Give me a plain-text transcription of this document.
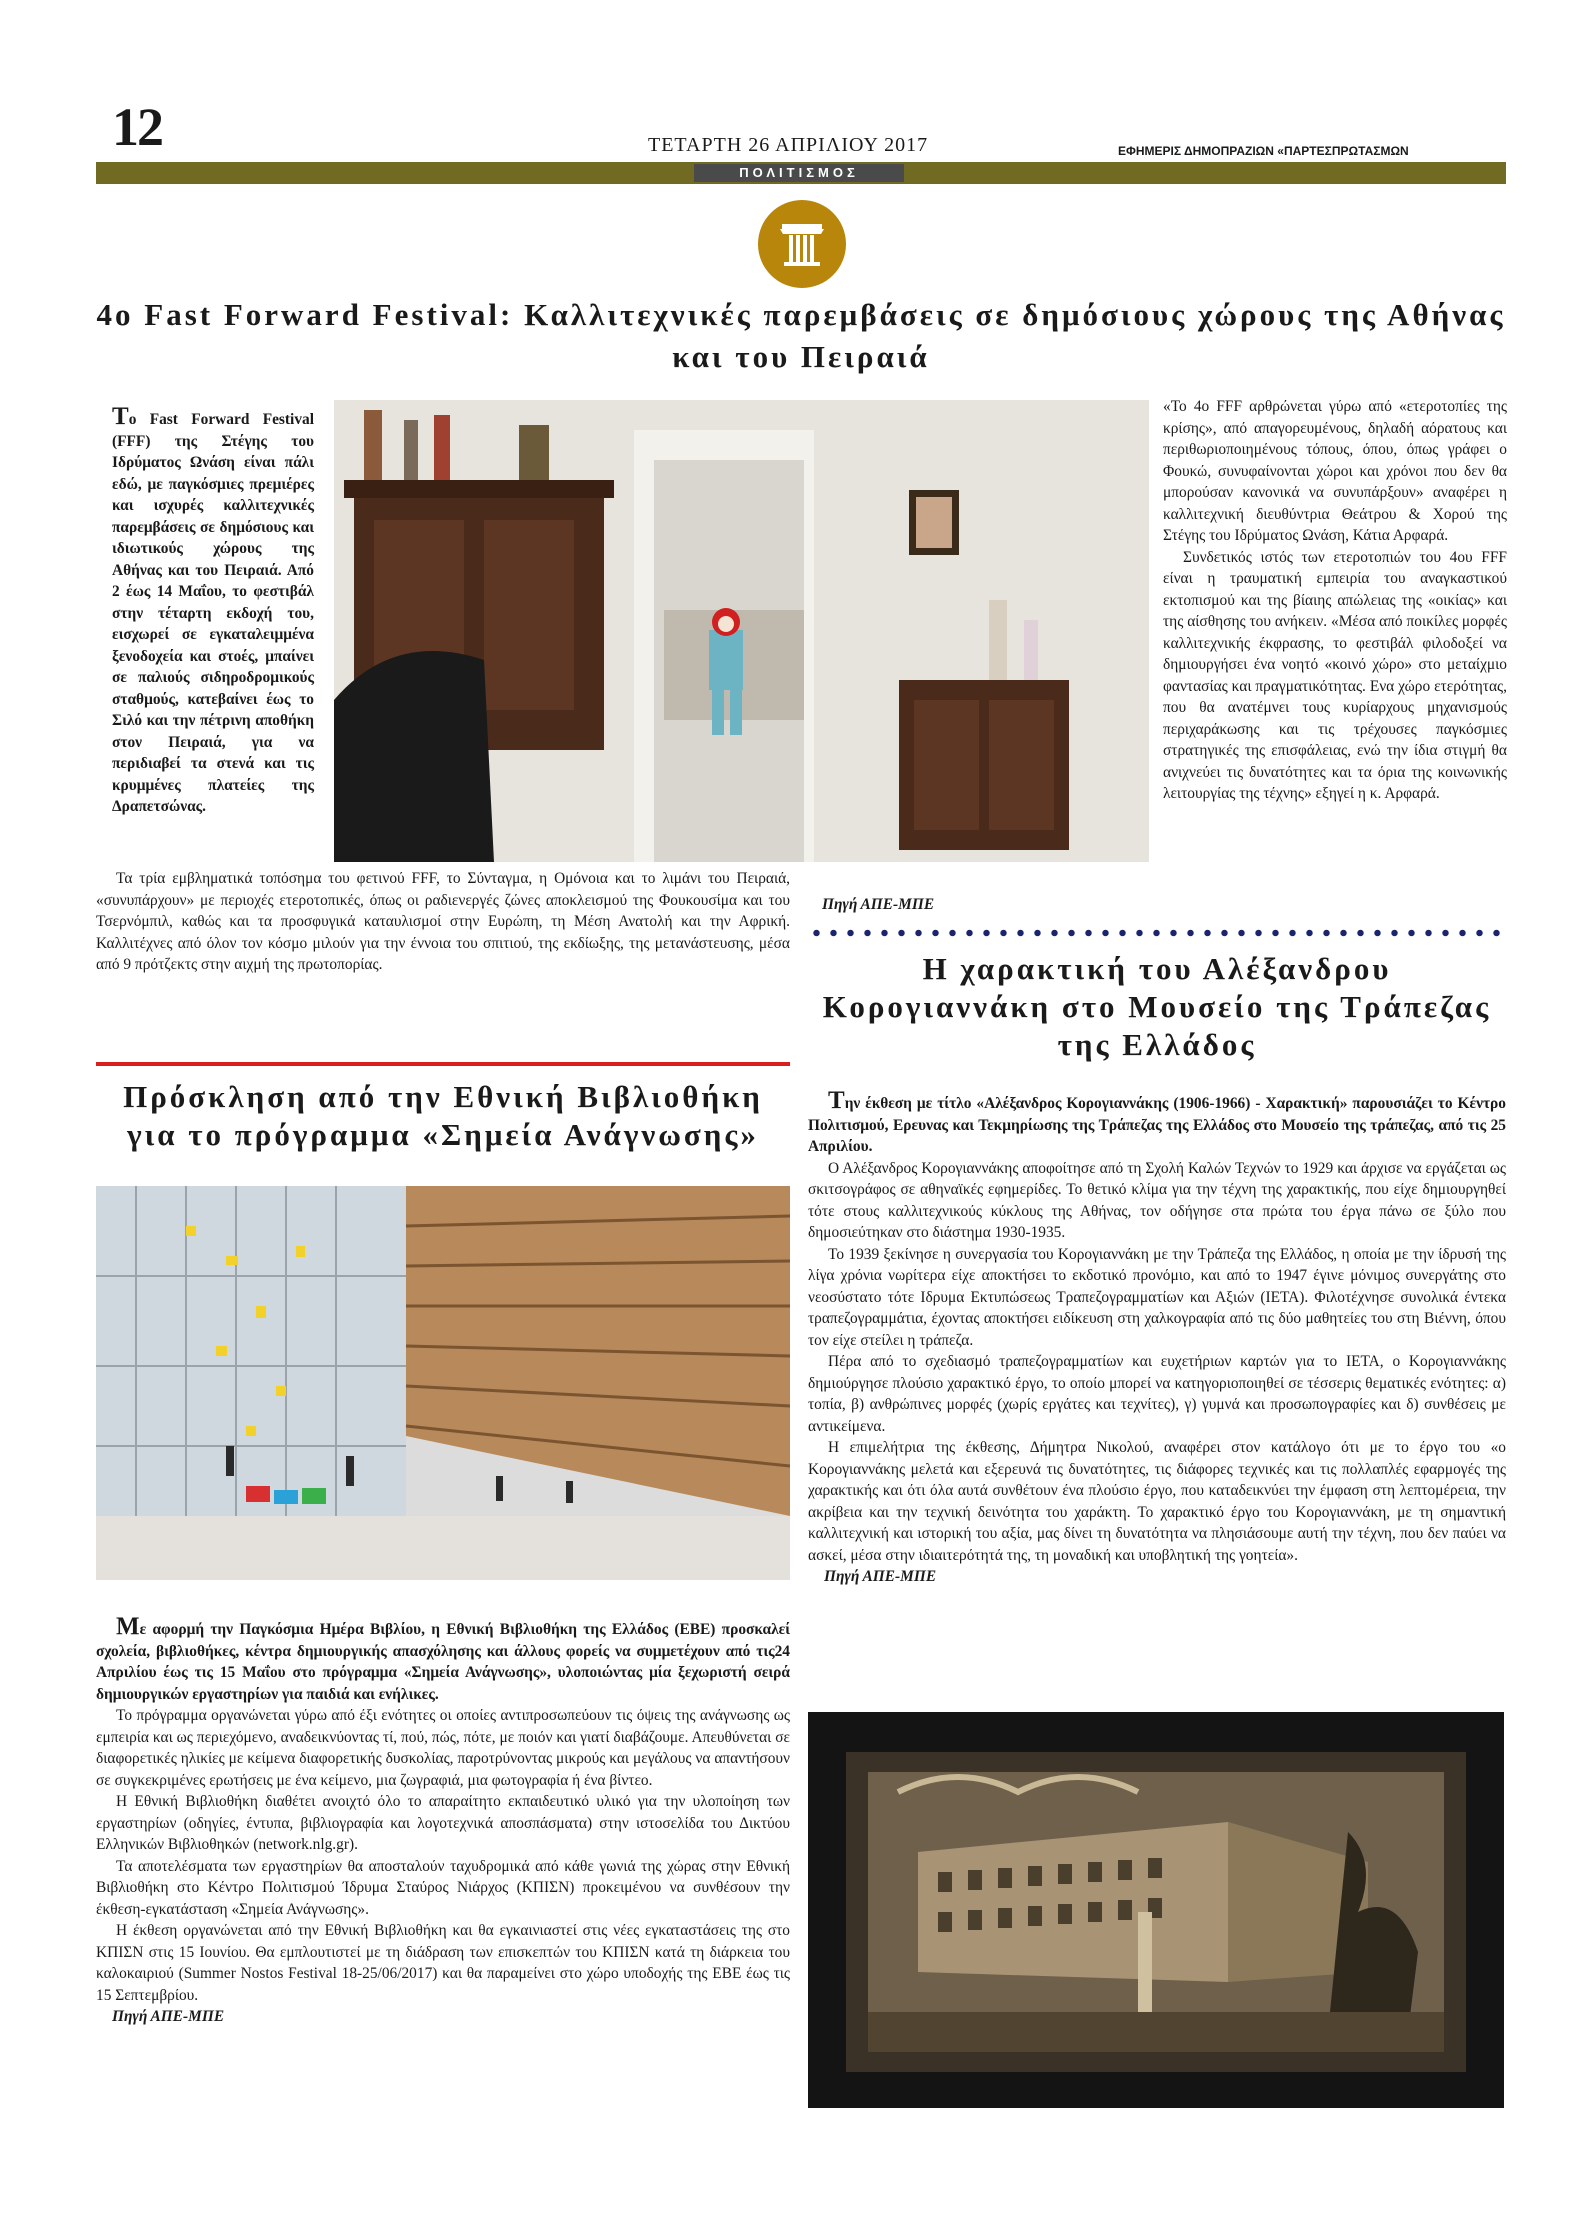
12	ΤΕΤΑΡΤΗ 26 ΑΠΡΙΛΙΟΥ 2017	ΕΦΗΜΕΡΙΣ ΔΗΜΟΠΡΑΖΙΩΝ «ΠΑΡΤΕΣΠΡΩΤΑΣΜΩΝ
ΠΟΛΙΤΙΣΜΟΣ
4ο Fast Forward Festival: Καλλιτεχνικές παρεμβάσεις σε δημόσιους χώρους της Αθήνας και του Πειραιά
Το Fast Forward Festival (FFF) της Στέγης του Ιδρύματος Ωνάση είναι πάλι εδώ, με παγκόσμιες πρεμιέρες και ισχυρές καλλιτεχνικές παρεμβάσεις σε δημόσιους και ιδιωτικούς χώρους της Αθήνας και του Πειραιά. Από 2 έως 14 Μαΐου, το φεστιβάλ στην τέταρτη εκδοχή του, εισχωρεί σε εγκαταλειμμένα ξενοδοχεία και στοές, μπαίνει σε παλιούς σιδηροδρομικούς σταθμούς, κατεβαίνει έως το Σιλό και την πέτρινη αποθήκη στον Πειραιά, για να περιδιαβεί τα στενά και τις κρυμμένες πλατείες της Δραπετσώνας.

«Το 4ο FFF αρθρώνεται γύρω από «ετεροτοπίες της κρίσης», από απαγορευμένους, δηλαδή αόρατους και περιθωριοποιημένους τόπους, όπου, όπως γράφει ο Φουκώ, συνυφαίνονται χώροι και χρόνοι που δεν θα μπορούσαν κανονικά να συνυπάρξουν» αναφέρει η καλλιτεχνική διευθύντρια Θεάτρου & Χορού της Στέγης του Ιδρύματος Ωνάση, Κάτια Αρφαρά.

Συνδετικός ιστός των ετεροτοπιών του 4ου FFF είναι η τραυματική εμπειρία του αναγκαστικού εκτοπισμού και της βίαιης απώλειας της «οικίας» και της αίσθησης του ανήκειν. «Μέσα από ποικίλες μορφές καλλιτεχνικής έκφρασης, το φεστιβάλ φιλοδοξεί να δημιουργήσει ένα νοητό «κοινό χώρο» στο μεταίχμιο φαντασίας και πραγματικότητας. Ενα χώρο ετερότητας, που θα ανατέμνει τους κυρίαρχους μηχανισμούς περιχαράκωσης και τις τρέχουσες παγκόσμιες στρατηγικές της επισφάλειας, ενώ την ίδια στιγμή θα ανιχνεύει τις δυνατότητες και τα όρια της κοινωνικής λειτουργίας της τέχνης» εξηγεί η κ. Αρφαρά.

Τα τρία εμβληματικά τοπόσημα του φετινού FFF, το Σύνταγμα, η Ομόνοια και το λιμάνι του Πειραιά, «συνυπάρχουν» με περιοχές ετεροτοπικές, όπως οι ραδιενεργές ζώνες αποκλεισμού της Φουκουσίμα και του Τσερνόμπιλ, καθώς και τα προσφυγικά καταυλισμοί στην Ευρώπη, τη Μέση Ανατολή και την Αφρική. Καλλιτέχνες από όλον τον κόσμο μιλούν για την έννοια του σπιτιού, της εκδίωξης, της μετανάστευσης, μέσα από 9 πρότζεκτς στην αιχμή της πρωτοπορίας.

Πηγή ΑΠΕ-ΜΠΕ
Πρόσκληση από την Εθνική Βιβλιοθήκη για το πρόγραμμα «Σημεία Ανάγνωσης»

Με αφορμή την Παγκόσμια Ημέρα Βιβλίου, η Εθνική Βιβλιοθήκη της Ελλάδος (ΕΒΕ) προσκαλεί σχολεία, βιβλιοθήκες, κέντρα δημιουργικής απασχόλησης και άλλους φορείς να συμμετέχουν από τις24 Απριλίου έως τις 15 Μαΐου στο πρόγραμμα «Σημεία Ανάγνωσης», υλοποιώντας μία ξεχωριστή σειρά δημιουργικών εργαστηρίων για παιδιά και ενήλικες.

Το πρόγραμμα οργανώνεται γύρω από έξι ενότητες οι οποίες αντιπροσωπεύουν τις όψεις της ανάγνωσης ως εμπειρία και ως περιεχόμενο, αναδεικνύοντας τί, πού, πώς, πότε, με ποιόν και γιατί διαβάζουμε. Απευθύνεται σε διαφορετικές ηλικίες με κείμενα διαφορετικής δυσκολίας, παροτρύνοντας μικρούς και μεγάλους να απαντήσουν σε συγκεκριμένες ερωτήσεις με ένα κείμενο, μια ζωγραφιά, μια φωτογραφία ή ένα βίντεο.

Η Εθνική Βιβλιοθήκη διαθέτει ανοιχτό όλο το απαραίτητο εκπαιδευτικό υλικό για την υλοποίηση των εργαστηρίων (οδηγίες, έντυπα, βιβλιογραφία και λογοτεχνικά αποσπάσματα) στην ιστοσελίδα του Δικτύου Ελληνικών Βιβλιοθηκών (network.nlg.gr).

Τα αποτελέσματα των εργαστηρίων θα αποσταλούν ταχυδρομικά από κάθε γωνιά της χώρας στην Εθνική Βιβλιοθήκη στο Κέντρο Πολιτισμού Ίδρυμα Σταύρος Νιάρχος (ΚΠΙΣΝ) προκειμένου να συνθέσουν την έκθεση-εγκατάσταση «Σημεία Ανάγνωσης».

Η έκθεση οργανώνεται από την Εθνική Βιβλιοθήκη και θα εγκαινιαστεί στις νέες εγκαταστάσεις της στο ΚΠΙΣΝ στις 15 Ιουνίου. Θα εμπλουτιστεί με τη διάδραση των επισκεπτών του ΚΠΙΣΝ κατά τη διάρκεια του καλοκαιριού (Summer Nostos Festival 18-25/06/2017) και θα παραμείνει στο χώρο υποδοχής της ΕΒΕ έως τις 15 Σεπτεμβρίου.

Πηγή ΑΠΕ-ΜΠΕ
Η χαρακτική του Αλέξανδρου Κορογιαννάκη στο Μουσείο της Τράπεζας της Ελλάδος

Την έκθεση με τίτλο «Αλέξανδρος Κορογιαννάκης (1906-1966) - Χαρακτική» παρουσιάζει το Κέντρο Πολιτισμού, Ερευνας και Τεκμηρίωσης της Τράπεζας της Ελλάδος στο Μουσείο της τράπεζας, από τις 25 Απριλίου.

Ο Αλέξανδρος Κορογιαννάκης αποφοίτησε από τη Σχολή Καλών Τεχνών το 1929 και άρχισε να εργάζεται ως σκιτσογράφος σε αθηναϊκές εφημερίδες. Το θετικό κλίμα για την τέχνη της χαρακτικής, που είχε δημιουργηθεί τότε στους καλλιτεχνικούς κύκλους της Αθήνας, τον οδήγησε στα πρώτα του έργα πάνω σε ξύλο που δημοσιεύτηκαν στο διάστημα 1930-1935.

Το 1939 ξεκίνησε η συνεργασία του Κορογιαννάκη με την Τράπεζα της Ελλάδος, η οποία με την ίδρυσή της λίγα χρόνια νωρίτερα είχε αποκτήσει το εκδοτικό προνόμιο, και από το 1947 έγινε μόνιμος συνεργάτης στο νεοσύστατο τότε Ιδρυμα Εκτυπώσεως Τραπεζογραμματίων και Αξιών (ΙΕΤΑ). Φιλοτέχνησε συνολικά έντεκα τραπεζογραμμάτια, έχοντας αποκτήσει ειδίκευση στη χαλκογραφία από τις δύο μαθητείες του στη Βιέννη, όπου τον είχε στείλει η τράπεζα.

Πέρα από το σχεδιασμό τραπεζογραμματίων και ευχετήριων καρτών για το ΙΕΤΑ, ο Κορογιαννάκης δημιούργησε πλούσιο χαρακτικό έργο, το οποίο μπορεί να κατηγοριοποιηθεί σε τέσσερις θεματικές ενότητες: α) τοπία, β) ανθρώπινες μορφές (χωρίς εργάτες και τεχνίτες), γ) γυμνά και προσωπογραφίες και δ) συνθέσεις με αντικείμενα.

Η επιμελήτρια της έκθεσης, Δήμητρα Νικολού, αναφέρει στον κατάλογο ότι με το έργο του «ο Κορογιαννάκης μελετά και εξερευνά τις δυνατότητες, τις διάφορες τεχνικές και τις πολλαπλές εφαρμογές της χαρακτικής και ότι όλα αυτά συνθέτουν ένα πλούσιο έργο, που καταδεικνύει την έμφαση στη λεπτομέρεια, την ακρίβεια και την τεχνική δεινότητα του χαράκτη. Το χαρακτικό έργο του Κορογιαννάκη, με τη σημαντική καλλιτεχνική και ιστορική του αξία, μας δίνει τη δυνατότητα να πλησιάσουμε αυτή την τέχνη, που δεν παύει να ασκεί, μέσα στην ιδιαιτερότητά της, τη μοναδική και υποβλητική της γοητεία».

Πηγή ΑΠΕ-ΜΠΕ
